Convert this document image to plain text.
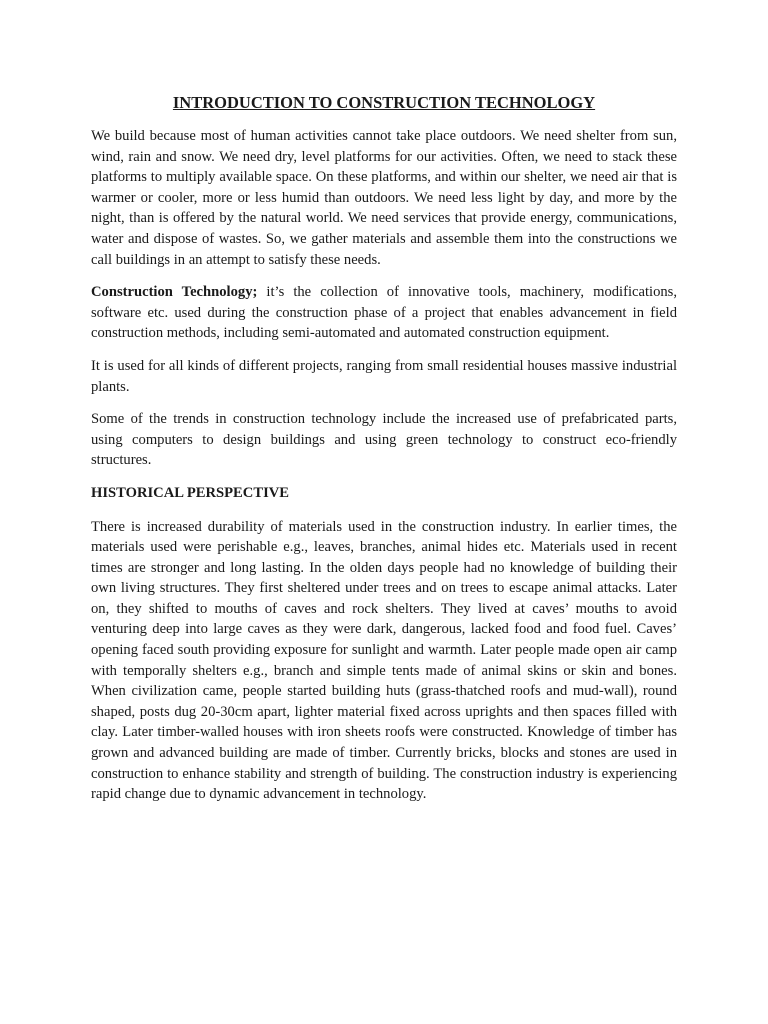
INTRODUCTION TO CONSTRUCTION TECHNOLOGY

We build because most of human activities cannot take place outdoors. We need shelter from sun, wind, rain and snow. We need dry, level platforms for our activities. Often, we need to stack these platforms to multiply available space. On these platforms, and within our shelter, we need air that is warmer or cooler, more or less humid than outdoors. We need less light by day, and more by the night, than is offered by the natural world. We need services that provide energy, communications, water and dispose of wastes. So, we gather materials and assemble them into the constructions we call buildings in an attempt to satisfy these needs.

Construction Technology; it’s the collection of innovative tools, machinery, modifications, software etc. used during the construction phase of a project that enables advancement in field construction methods, including semi-automated and automated construction equipment.

It is used for all kinds of different projects, ranging from small residential houses massive industrial plants.

Some of the trends in construction technology include the increased use of prefabricated parts, using computers to design buildings and using green technology to construct eco-friendly structures.

HISTORICAL PERSPECTIVE

There is increased durability of materials used in the construction industry. In earlier times, the materials used were perishable e.g., leaves, branches, animal hides etc. Materials used in recent times are stronger and long lasting. In the olden days people had no knowledge of building their own living structures. They first sheltered under trees and on trees to escape animal attacks. Later on, they shifted to mouths of caves and rock shelters. They lived at caves’ mouths to avoid venturing deep into large caves as they were dark, dangerous, lacked food and food fuel. Caves’ opening faced south providing exposure for sunlight and warmth. Later people made open air camp with temporally shelters e.g., branch and simple tents made of animal skins or skin and bones. When civilization came, people started building huts (grass-thatched roofs and mud-wall), round shaped, posts dug 20-30cm apart, lighter material fixed across uprights and then spaces filled with clay. Later timber-walled houses with iron sheets roofs were constructed. Knowledge of timber has grown and advanced building are made of timber. Currently bricks, blocks and stones are used in construction to enhance stability and strength of building. The construction industry is experiencing rapid change due to dynamic advancement in technology.
